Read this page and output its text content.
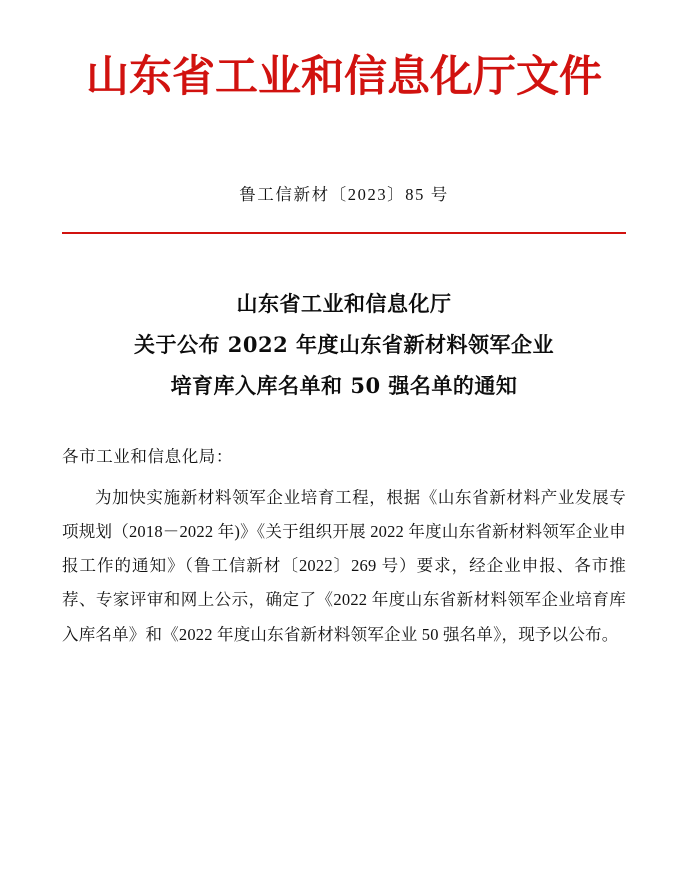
山东省工业和信息化厅文件
鲁工信新材〔2023〕85 号
山东省工业和信息化厅
关于公布 2022 年度山东省新材料领军企业
培育库入库名单和 50 强名单的通知
各市工业和信息化局：
为加快实施新材料领军企业培育工程，根据《山东省新材料产业发展专项规划（2018－2022 年)》《关于组织开展 2022 年度山东省新材料领军企业申报工作的通知》（鲁工信新材〔2022〕269 号）要求，经企业申报、各市推荐、专家评审和网上公示，确定了《2022 年度山东省新材料领军企业培育库入库名单》和《2022 年度山东省新材料领军企业 50 强名单》，现予以公布。
